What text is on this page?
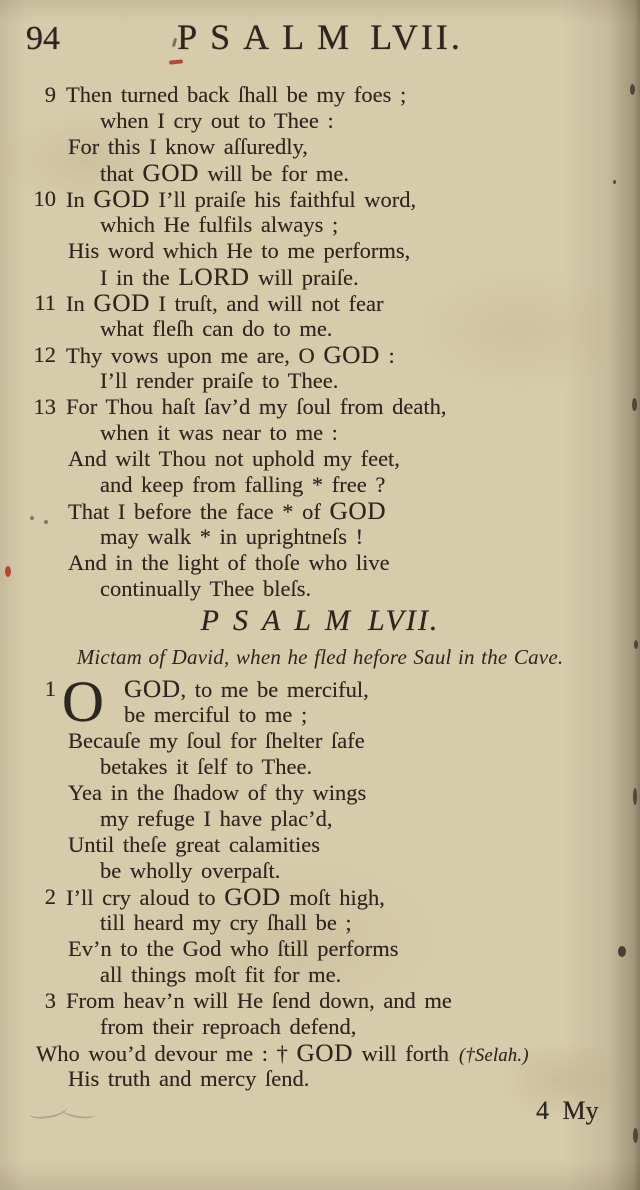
94	PSALM LVII.
9 Then turned back ſhall be my foes ;
when I cry out to Thee :
For this I know aſſuredly,
that GOD will be for me.
10 In GOD I’ll praiſe his faithful word,
which He fulfils always ;
His word which He to me performs,
I in the LORD will praiſe.
11 In GOD I truſt, and will not fear
what fleſh can do to me.
12 Thy vows upon me are, O GOD :
I’ll render praiſe to Thee.
13 For Thou haſt ſav’d my ſoul from death,
when it was near to me :
And wilt Thou not uphold my feet,
and keep from falling * free ?
That I before the face * of GOD
may walk * in uprightneſs !
And in the light of thoſe who live
continually Thee bleſs.
PSALM LVII.
Mictam of David, when he fled hefore Saul in the Cave.
1 O GOD, to me be merciful,
be merciful to me ;
Becauſe my ſoul for ſhelter ſafe
betakes it ſelf to Thee.
Yea in the ſhadow of thy wings
my refuge I have plac’d,
Until theſe great calamities
be wholly overpaſt.
2 I’ll cry aloud to GOD moſt high,
till heard my cry ſhall be ;
Ev’n to the God who ſtill performs
all things moſt fit for me.
3 From heav’n will He ſend down, and me
from their reproach defend,
Who wou’d devour me : † GOD will forth (†Selah.)
His truth and mercy ſend.
4 My
